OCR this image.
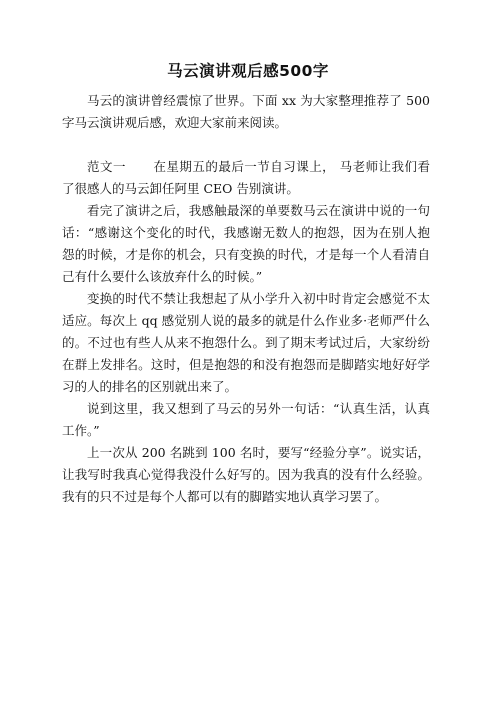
马云演讲观后感500字

马云的演讲曾经震惊了世界。下面 xx 为大家整理推荐了 500 字马云演讲观后感，欢迎大家前来阅读。

范文一 在星期五的最后一节自习课上， 马老师让我们看了很感人的马云卸任阿里 CEO 告别演讲。

看完了演讲之后，我感触最深的单要数马云在演讲中说的一句话：“感谢这个变化的时代，我感谢无数人的抱怨，因为在别人抱怨的时候，才是你的机会，只有变换的时代，才是每一个人看清自己有什么要什么该放弃什么的时候。”

变换的时代不禁让我想起了从小学升入初中时肯定会感觉不太适应。每次上 qq 感觉别人说的最多的就是什么作业多·老师严什么的。不过也有些人从来不抱怨什么。到了期末考试过后，大家纷纷在群上发排名。这时，但是抱怨的和没有抱怨而是脚踏实地好好学习的人的排名的区别就出来了。

说到这里，我又想到了马云的另外一句话：“认真生活，认真工作。”

上一次从 200 名跳到 100 名时，要写“经验分享”。说实话，让我写时我真心觉得我没什么好写的。因为我真的没有什么经验。我有的只不过是每个人都可以有的脚踏实地认真学习罢了。
